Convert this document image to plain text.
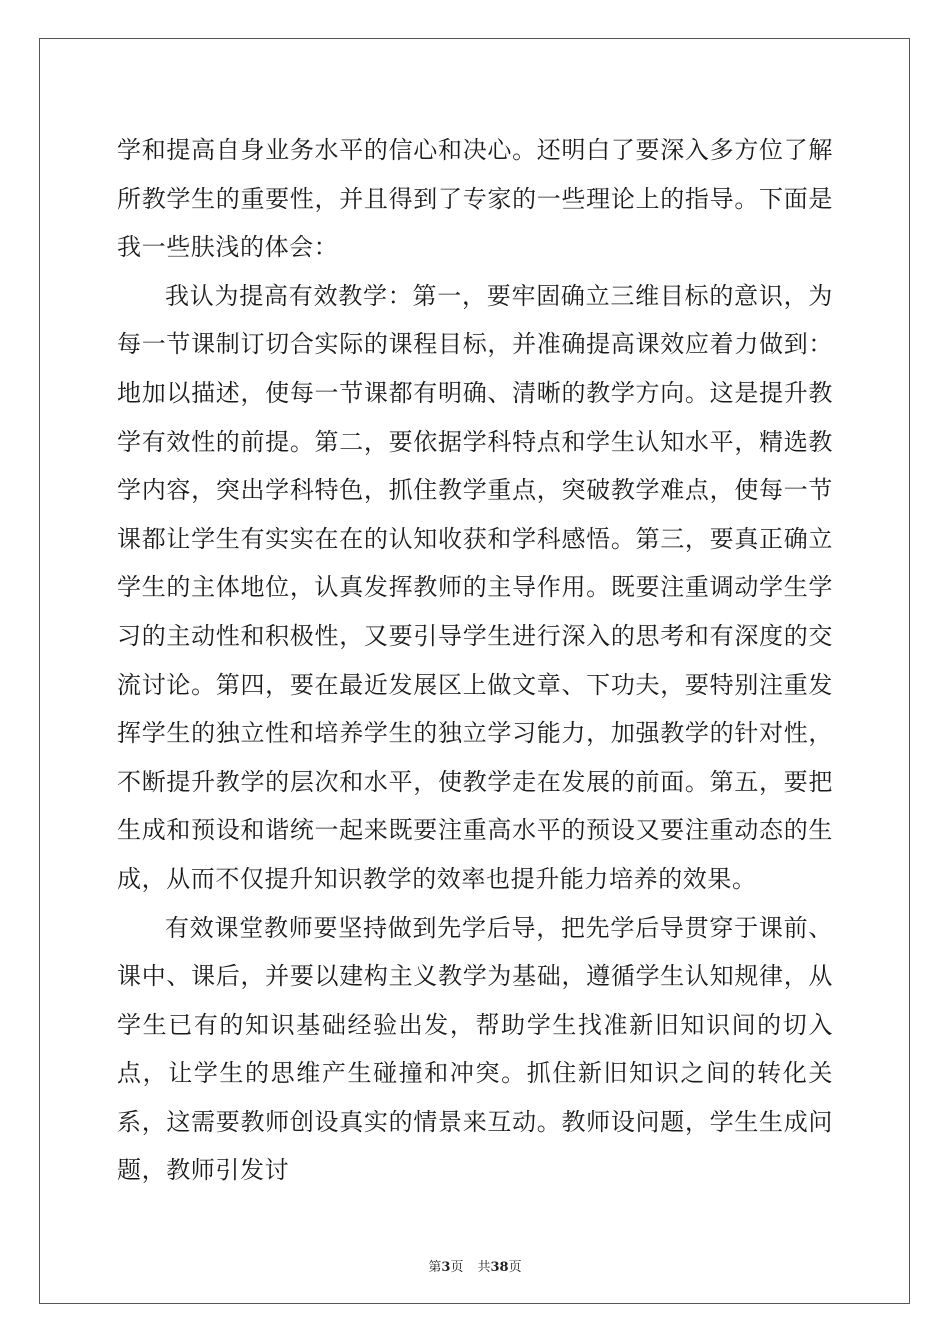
学和提高自身业务水平的信心和决心。还明白了要深入多方位了解所教学生的重要性，并且得到了专家的一些理论上的指导。下面是我一些肤浅的体会：

我认为提高有效教学：第一，要牢固确立三维目标的意识，为每一节课制订切合实际的课程目标，并准确提高课效应着力做到：地加以描述，使每一节课都有明确、清晰的教学方向。这是提升教学有效性的前提。第二，要依据学科特点和学生认知水平，精选教学内容，突出学科特色，抓住教学重点，突破教学难点，使每一节课都让学生有实实在在的认知收获和学科感悟。第三，要真正确立学生的主体地位，认真发挥教师的主导作用。既要注重调动学生学习的主动性和积极性，又要引导学生进行深入的思考和有深度的交流讨论。第四，要在最近发展区上做文章、下功夫，要特别注重发挥学生的独立性和培养学生的独立学习能力，加强教学的针对性，不断提升教学的层次和水平，使教学走在发展的前面。第五，要把生成和预设和谐统一起来既要注重高水平的预设又要注重动态的生成，从而不仅提升知识教学的效率也提升能力培养的效果。

有效课堂教师要坚持做到先学后导，把先学后导贯穿于课前、课中、课后，并要以建构主义教学为基础，遵循学生认知规律，从学生已有的知识基础经验出发，帮助学生找准新旧知识间的切入点，让学生的思维产生碰撞和冲突。抓住新旧知识之间的转化关系，这需要教师创设真实的情景来互动。教师设问题，学生生成问题，教师引发讨

第3页 共38页
